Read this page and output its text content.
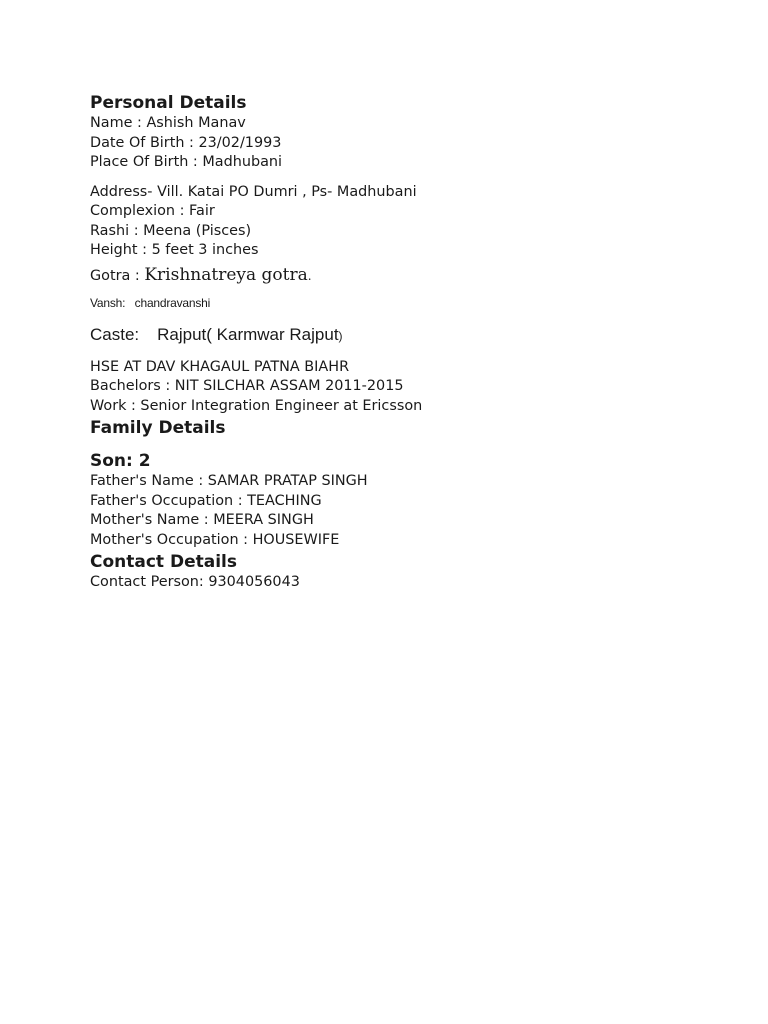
Personal Details
Name : Ashish Manav
Date Of Birth : 23/02/1993
Place Of Birth : Madhubani
Address- Vill. Katai PO Dumri , Ps- Madhubani
Complexion : Fair
Rashi : Meena (Pisces)
Height : 5 feet 3 inches
Gotra : Krishnatreya gotra.
Vansh:   chandravanshi
Caste: Rajput( Karmwar Rajput)
HSE AT DAV KHAGAUL PATNA BIAHR
Bachelors : NIT SILCHAR ASSAM 2011-2015
Work : Senior Integration Engineer at Ericsson
Family Details
Son: 2
Father's Name : SAMAR PRATAP SINGH
Father's Occupation : TEACHING
Mother's Name : MEERA SINGH
Mother's Occupation : HOUSEWIFE
Contact Details
Contact Person: 9304056043
